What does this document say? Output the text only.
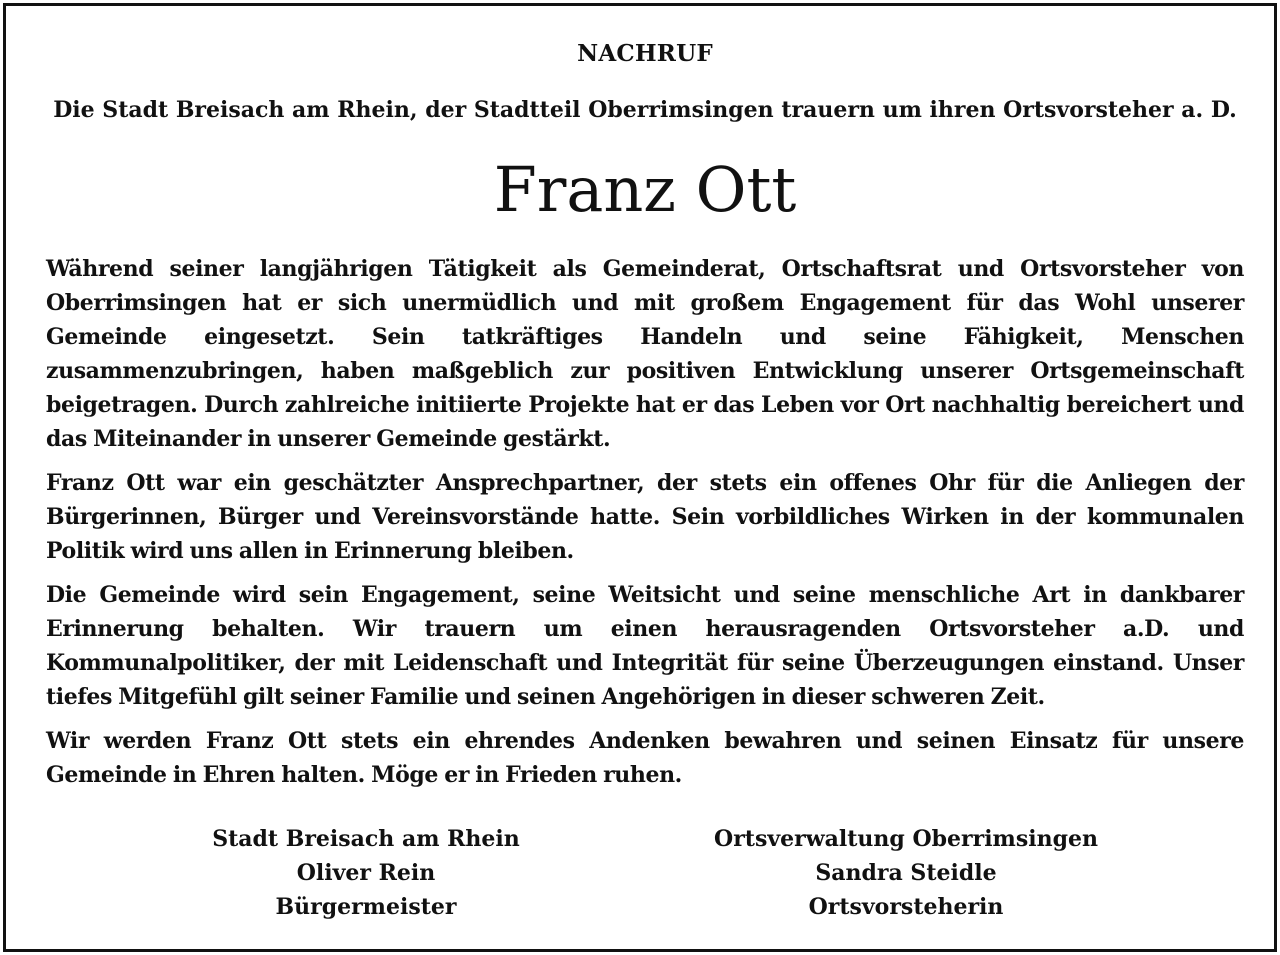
NACHRUF
Die Stadt Breisach am Rhein, der Stadtteil Oberrimsingen trauern um ihren Ortsvorsteher a. D.
Franz Ott

Während seiner langjährigen Tätigkeit als Gemeinderat, Ortschaftsrat und Ortsvorsteher von Oberrimsingen hat er sich unermüdlich und mit großem Engagement für das Wohl unserer Gemeinde eingesetzt. Sein tatkräftiges Handeln und seine Fähigkeit, Menschen zusammenzubringen, haben maßgeblich zur positiven Entwicklung unserer Ortsgemeinschaft beigetragen. Durch zahlreiche initiierte Projekte hat er das Leben vor Ort nachhaltig bereichert und das Miteinander in unserer Gemeinde gestärkt.

Franz Ott war ein geschätzter Ansprechpartner, der stets ein offenes Ohr für die Anliegen der Bürgerinnen, Bürger und Vereinsvorstände hatte. Sein vorbildliches Wirken in der kommunalen Politik wird uns allen in Erinnerung bleiben.

Die Gemeinde wird sein Engagement, seine Weitsicht und seine menschliche Art in dankbarer Erinnerung behalten. Wir trauern um einen herausragenden Ortsvorsteher a.D. und Kommunalpolitiker, der mit Leidenschaft und Integrität für seine Überzeugungen einstand. Unser tiefes Mitgefühl gilt seiner Familie und seinen Angehörigen in dieser schweren Zeit.

Wir werden Franz Ott stets ein ehrendes Andenken bewahren und seinen Einsatz für unsere Gemeinde in Ehren halten. Möge er in Frieden ruhen.

Stadt Breisach am Rhein
Oliver Rein
Bürgermeister
Ortsverwaltung Oberrimsingen
Sandra Steidle
Ortsvorsteherin
